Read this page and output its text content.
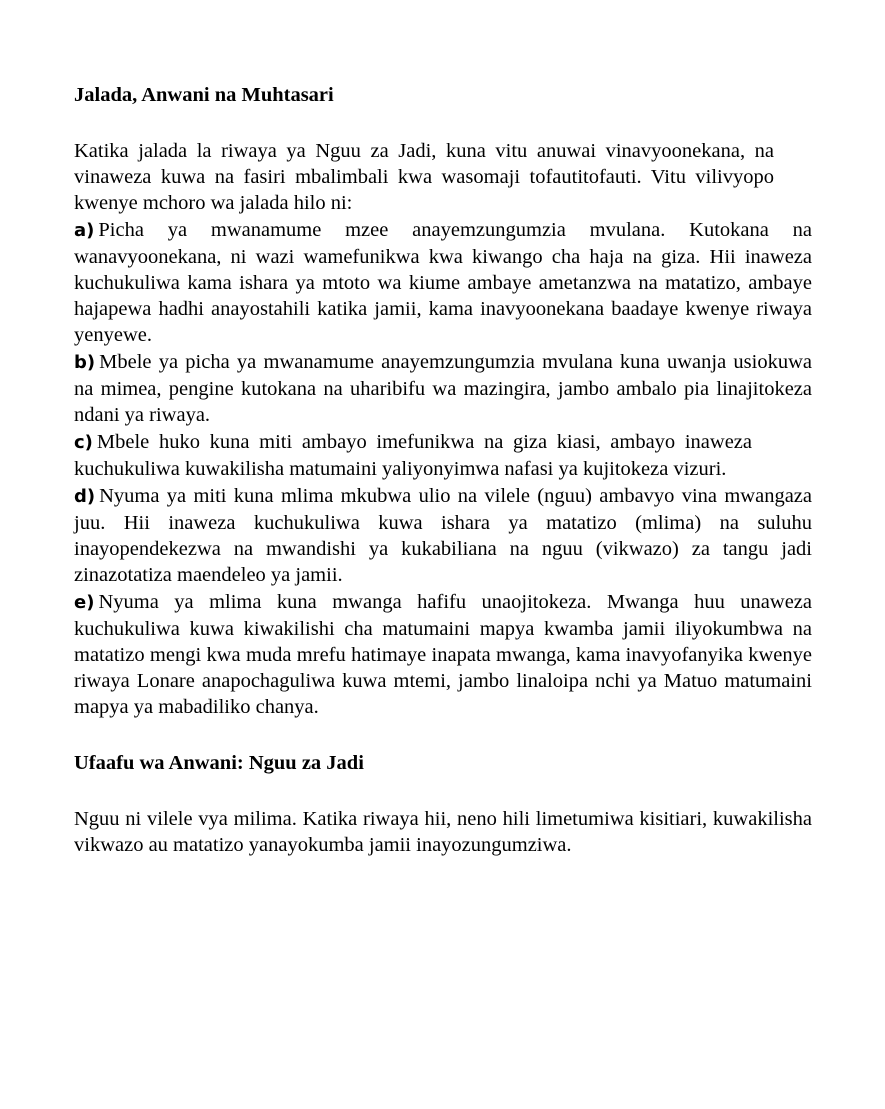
Jalada, Anwani na Muhtasari

Katika jalada la riwaya ya Nguu za Jadi, kuna vitu anuwai vinavyoonekana, na vinaweza kuwa na fasiri mbalimbali kwa wasomaji tofautitofauti. Vitu vilivyopo kwenye mchoro wa jalada hilo ni:

a) Picha ya mwanamume mzee anayemzungumzia mvulana. Kutokana na wanavyoonekana, ni wazi wamefunikwa kwa kiwango cha haja na giza. Hii inaweza kuchukuliwa kama ishara ya mtoto wa kiume ambaye ametanzwa na matatizo, ambaye hajapewa hadhi anayostahili katika jamii, kama inavyoonekana baadaye kwenye riwaya yenyewe.

b) Mbele ya picha ya mwanamume anayemzungumzia mvulana kuna uwanja usiokuwa na mimea, pengine kutokana na uharibifu wa mazingira, jambo ambalo pia linajitokeza ndani ya riwaya.

c) Mbele huko kuna miti ambayo imefunikwa na giza kiasi, ambayo inaweza kuchukuliwa kuwakilisha matumaini yaliyonyimwa nafasi ya kujitokeza vizuri.

d) Nyuma ya miti kuna mlima mkubwa ulio na vilele (nguu) ambavyo vina mwangaza juu. Hii inaweza kuchukuliwa kuwa ishara ya matatizo (mlima) na suluhu inayopendekezwa na mwandishi ya kukabiliana na nguu (vikwazo) za tangu jadi zinazotatiza maendeleo ya jamii.

e) Nyuma ya mlima kuna mwanga hafifu unaojitokeza. Mwanga huu unaweza kuchukuliwa kuwa kiwakilishi cha matumaini mapya kwamba jamii iliyokumbwa na matatizo mengi kwa muda mrefu hatimaye inapata mwanga, kama inavyofanyika kwenye riwaya Lonare anapochaguliwa kuwa mtemi, jambo linaloipa nchi ya Matuo matumaini mapya ya mabadiliko chanya.

Ufaafu wa Anwani: Nguu za Jadi

Nguu ni vilele vya milima. Katika riwaya hii, neno hili limetumiwa kisitiari, kuwakilisha vikwazo au matatizo yanayokumba jamii inayozungumziwa.
